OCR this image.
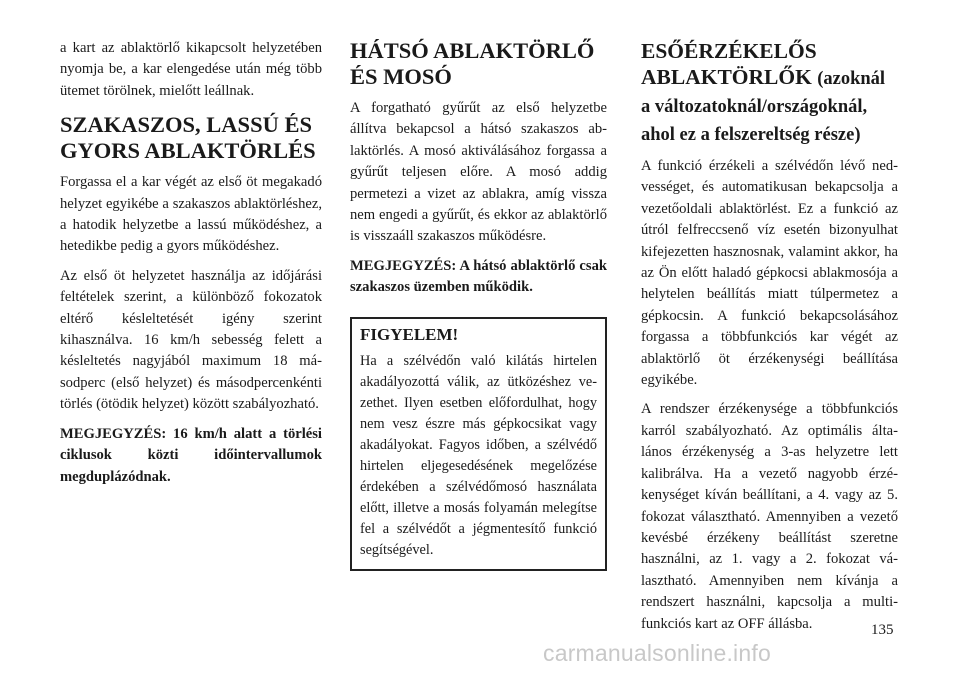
a kart az ablaktörlő kikapcsolt helyzetében nyomja be, a kar elengedése után még több ütemet törölnek, mielőtt leállnak.

SZAKASZOS, LASSÚ ÉS GYORS ABLAKTÖRLÉS

Forgassa el a kar végét az első öt megakadó helyzet egyikébe a szakaszos ablaktörléshez, a hatodik helyzetbe a lassú működéshez, a hetedikbe pedig a gyors működéshez.

Az első öt helyzetet használja az időjárási feltételek szerint, a különböző fokozatok eltérő késleltetését igény szerint kihasználva. 16 km/h sebesség felett a késleltetés nagyjából maximum 18 másodperc (első helyzet) és másodpercenkénti törlés (ötödik helyzet) között szabályozható.

MEGJEGYZÉS: 16 km/h alatt a törlési ciklusok közti időintervallumok megduplázódnak.

HÁTSÓ ABLAKTÖRLŐ ÉS MOSÓ

A forgatható gyűrűt az első helyzetbe állítva bekapcsol a hátsó szakaszos ablaktörlés. A mosó aktiválásához forgassa a gyűrűt teljesen előre. A mosó addig permetezi a vizet az ablakra, amíg vissza nem engedi a gyűrűt, és ekkor az ablaktörlő is visszaáll szakaszos működésre.

MEGJEGYZÉS: A hátsó ablaktörlő csak szakaszos üzemben működik.

FIGYELEM!

Ha a szélvédőn való kilátás hirtelen akadályozottá válik, az ütközéshez vezethet. Ilyen esetben előfordulhat, hogy nem vesz észre más gépkocsikat vagy akadályokat. Fagyos időben, a szélvédő hirtelen eljegesedésének megelőzése érdekében a szélvédőmosó használata előtt, illetve a mosás folyamán melegítse fel a szélvédőt a jégmentesítő funkció segítségével.

ESŐÉRZÉKELŐS ABLAKTÖRLŐK (azoknál a változatoknál/országoknál, ahol ez a felszereltség része)

A funkció érzékeli a szélvédőn lévő nedvességet, és automatikusan bekapcsolja a vezetőoldali ablaktörlést. Ez a funkció az útról felfreccsenő víz esetén bizonyulhat kifejezetten hasznosnak, valamint akkor, ha az Ön előtt haladó gépkocsi ablakmosója a helytelen beállítás miatt túlpermetez a gépkocsin. A funkció bekapcsolásához forgassa a többfunkciós kar végét az ablaktörlő öt érzékenységi beállítása egyikébe.

A rendszer érzékenysége a többfunkciós karról szabályozható. Az optimális általános érzékenység a 3-as helyzetre lett kalibrálva. Ha a vezető nagyobb érzékenységet kíván beállítani, a 4. vagy az 5. fokozat választható. Amennyiben a vezető kevésbé érzékeny beállítást szeretne használni, az 1. vagy a 2. fokozat választható. Amennyiben nem kívánja a rendszert használni, kapcsolja a multifunkciós kart az OFF állásba.	135
carmanualsonline.info
